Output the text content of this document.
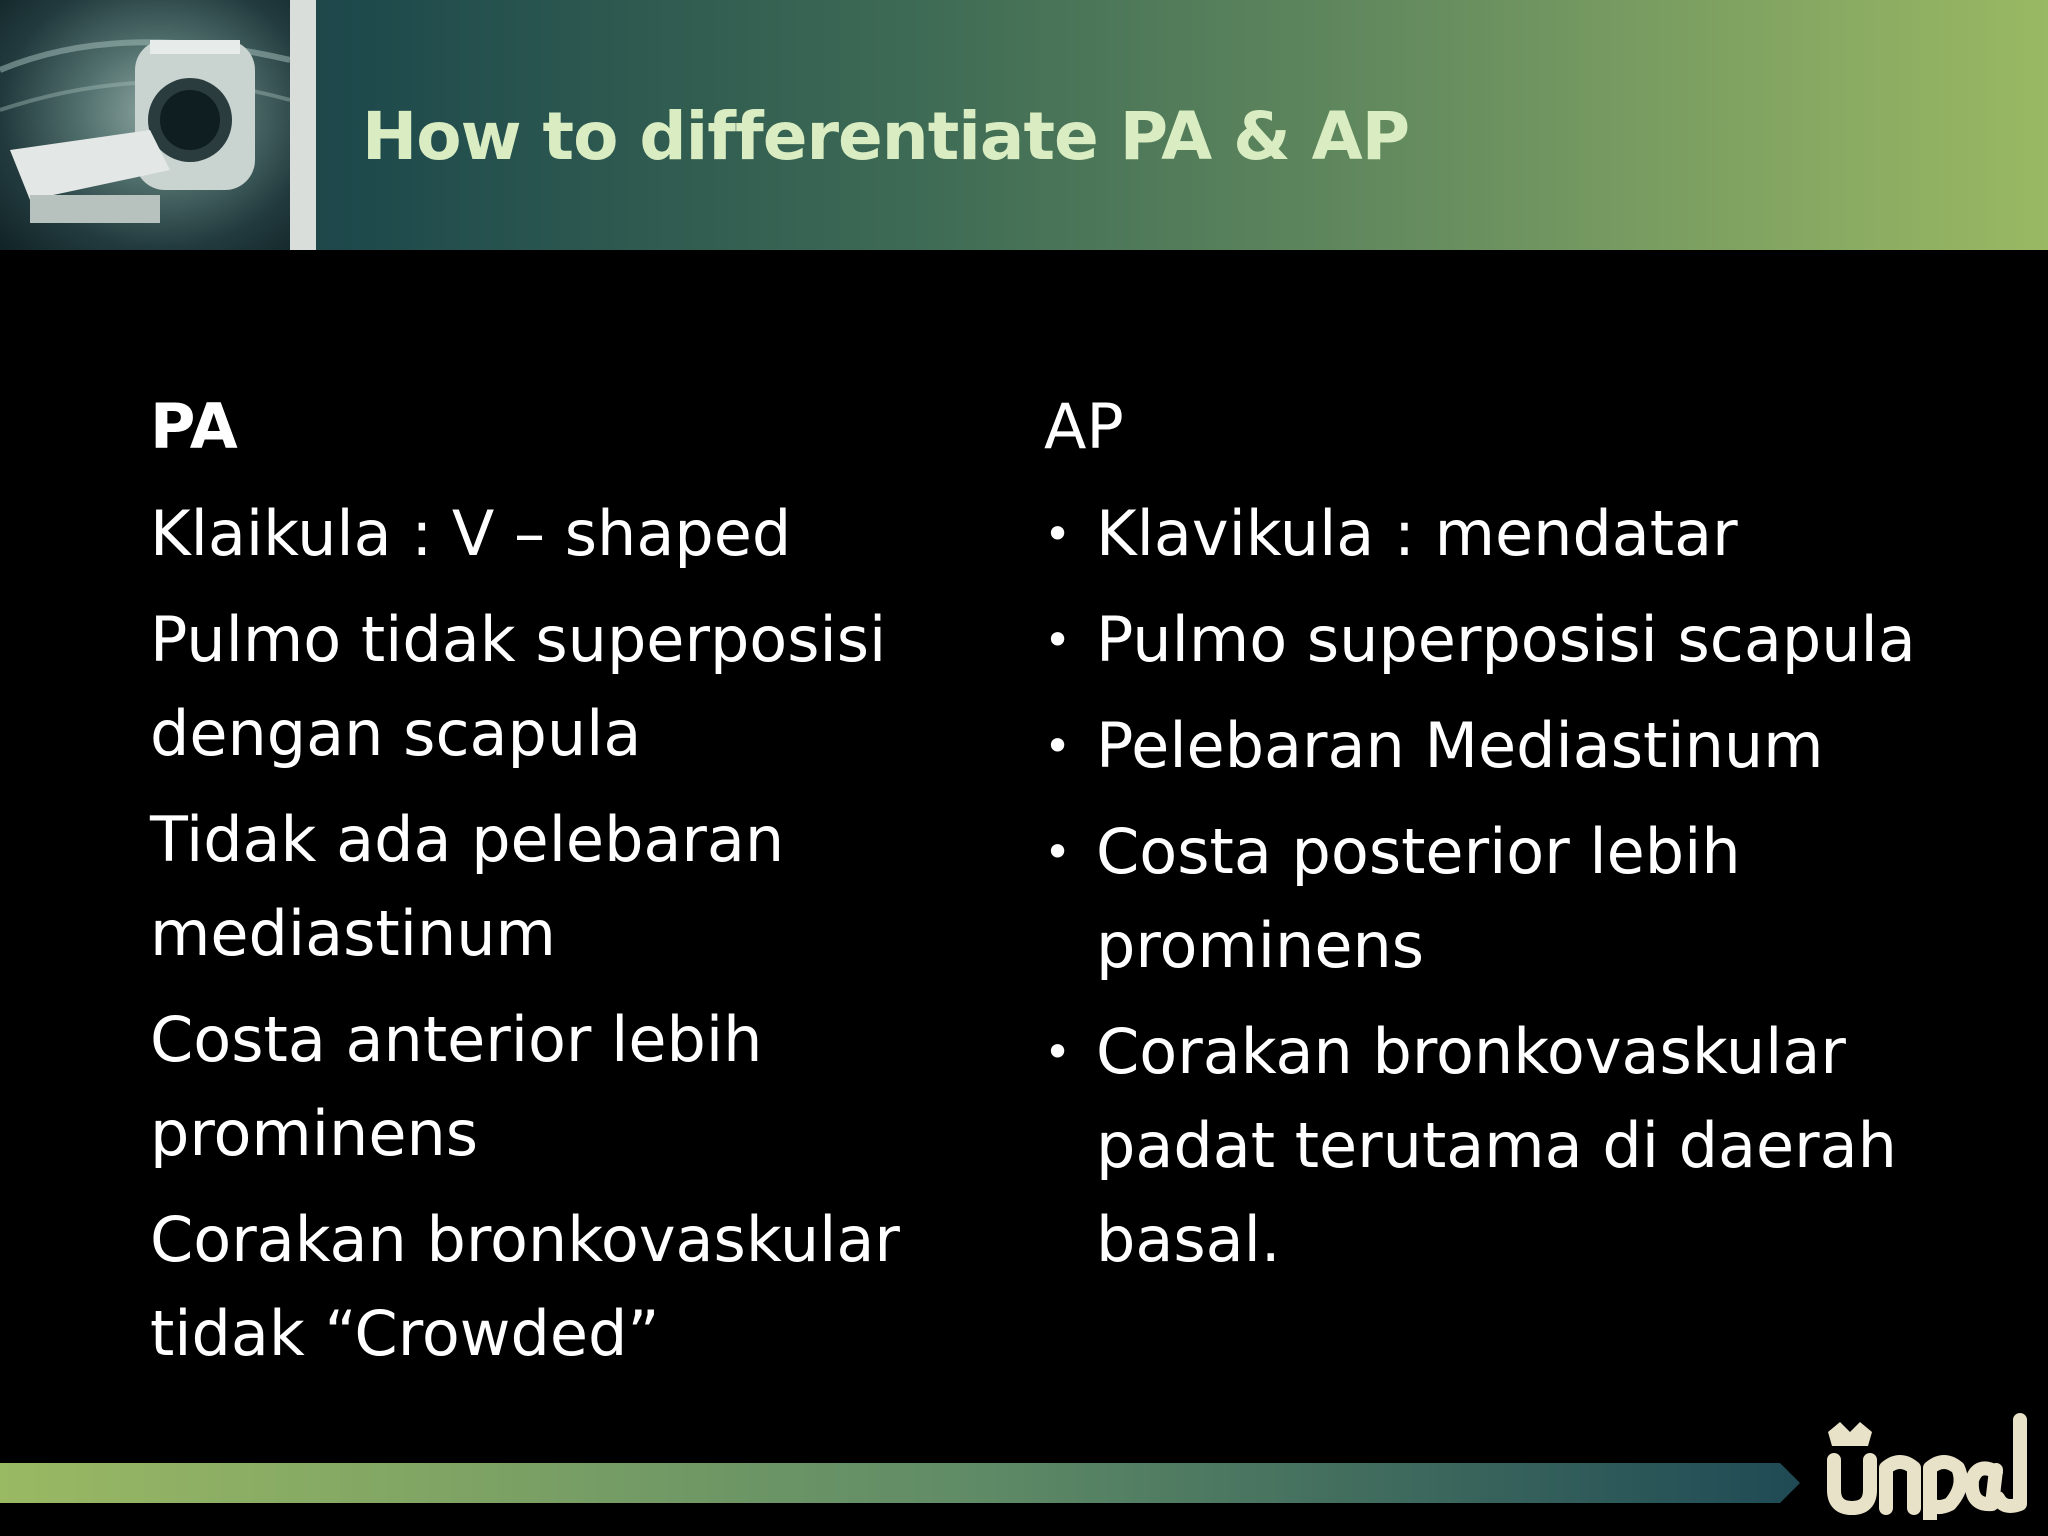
How to differentiate PA & AP
PA
Klaikula : V – shaped
Pulmo tidak superposisi dengan scapula
Tidak ada pelebaran mediastinum
Costa anterior lebih prominens
Corakan bronkovaskular tidak “Crowded”
AP
• Klavikula : mendatar
• Pulmo superposisi scapula
• Pelebaran Mediastinum
• Costa posterior lebih prominens
• Corakan bronkovaskular padat terutama di daerah basal.
